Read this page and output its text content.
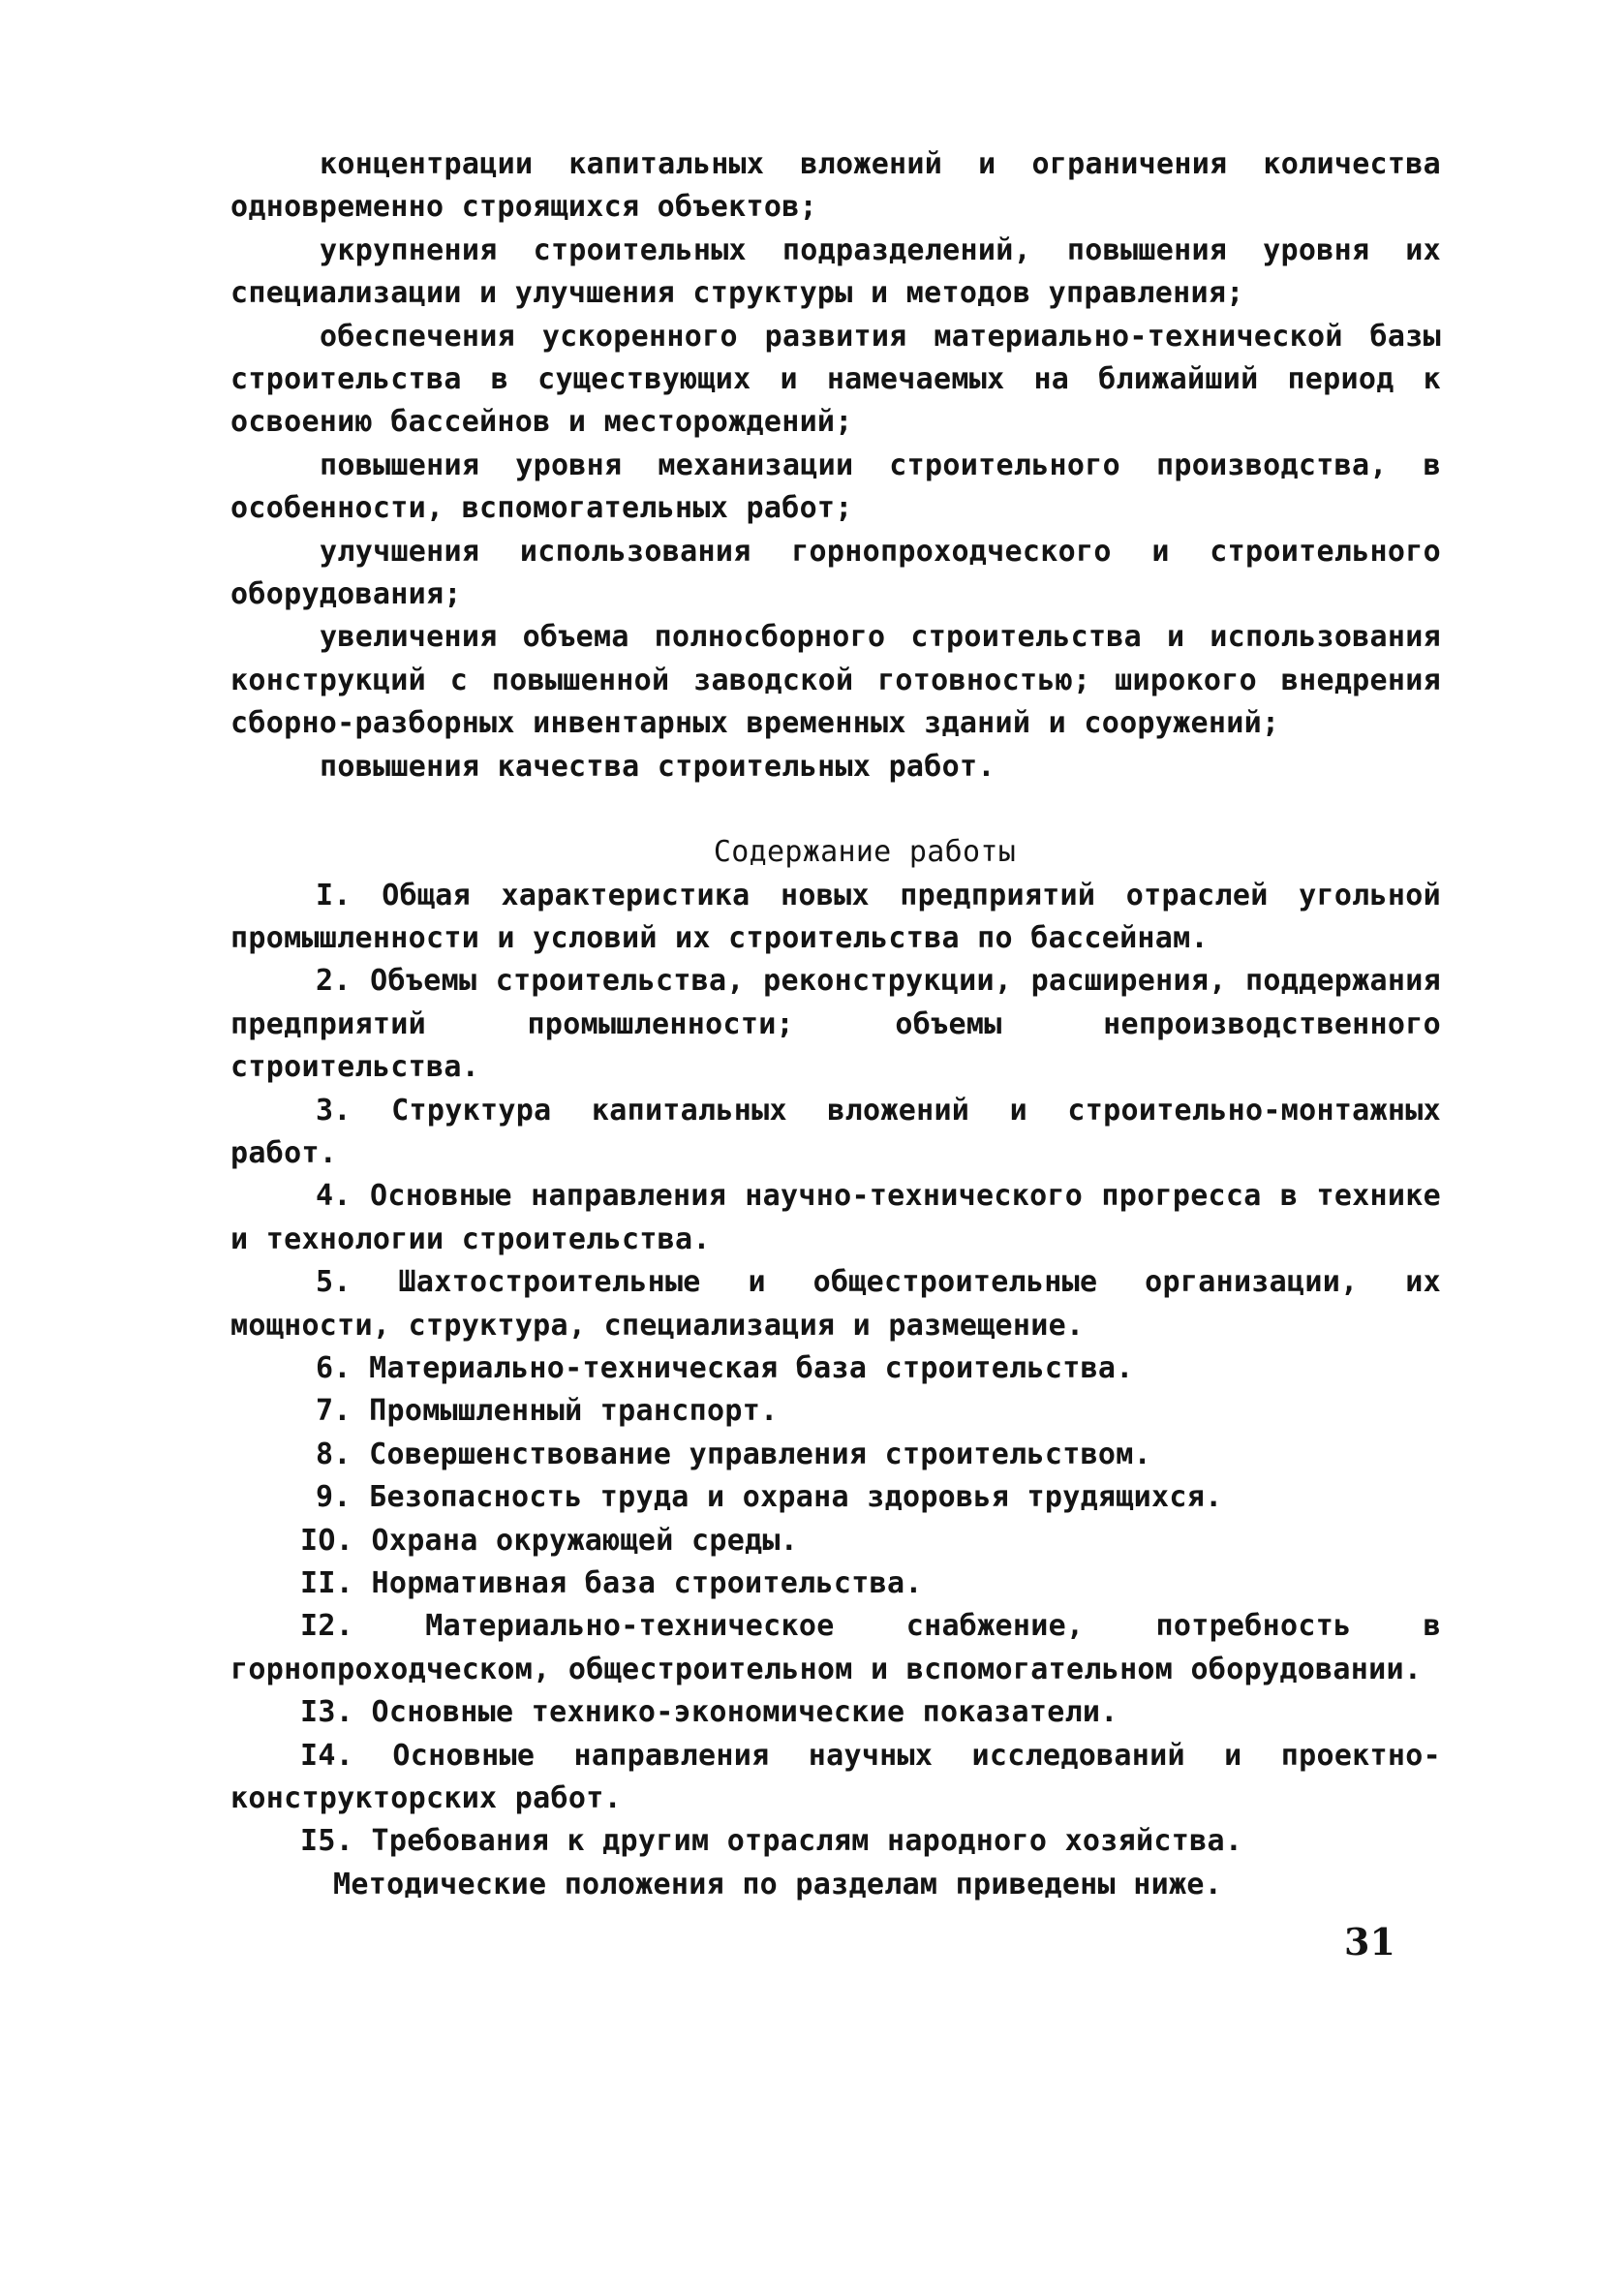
концентрации капитальных вложений и ограничения количества одновременно строящихся объектов;

укрупнения строительных подразделений, повышения уровня их специализации и улучшения структуры и методов управления;

обеспечения ускоренного развития материально-технической базы строительства в существующих и намечаемых на ближайший период к освоению бассейнов и месторождений;

повышения уровня механизации строительного производства, в особенности, вспомогательных работ;

улучшения использования горнопроходческого и строительного оборудования;

увеличения объема полносборного строительства и использования конструкций с повышенной заводской готовностью; широкого внедрения сборно-разборных инвентарных временных зданий и сооружений;

повышения качества строительных работ.

Содержание работы

I. Общая характеристика новых предприятий отраслей угольной промышленности и условий их строительства по бассейнам.

2. Объемы строительства, реконструкции, расширения, поддержания предприятий промышленности; объемы непроизводственного строительства.

3. Структура капитальных вложений и строительно-монтажных работ.

4. Основные направления научно-технического прогресса в технике и технологии строительства.

5. Шахтостроительные и общестроительные организации, их мощности, структура, специализация и размещение.

6. Материально-техническая база строительства.

7. Промышленный транспорт.

8. Совершенствование управления строительством.

9. Безопасность труда и охрана здоровья трудящихся.

IO. Охрана окружающей среды.

II. Нормативная база строительства.

I2. Материально-техническое снабжение, потребность в горнопроходческом, общестроительном и вспомогательном оборудовании.

I3. Основные технико-экономические показатели.

I4. Основные направления научных исследований и проектно-конструкторских работ.

I5. Требования к другим отраслям народного хозяйства.

Методические положения по разделам приведены ниже.

31
